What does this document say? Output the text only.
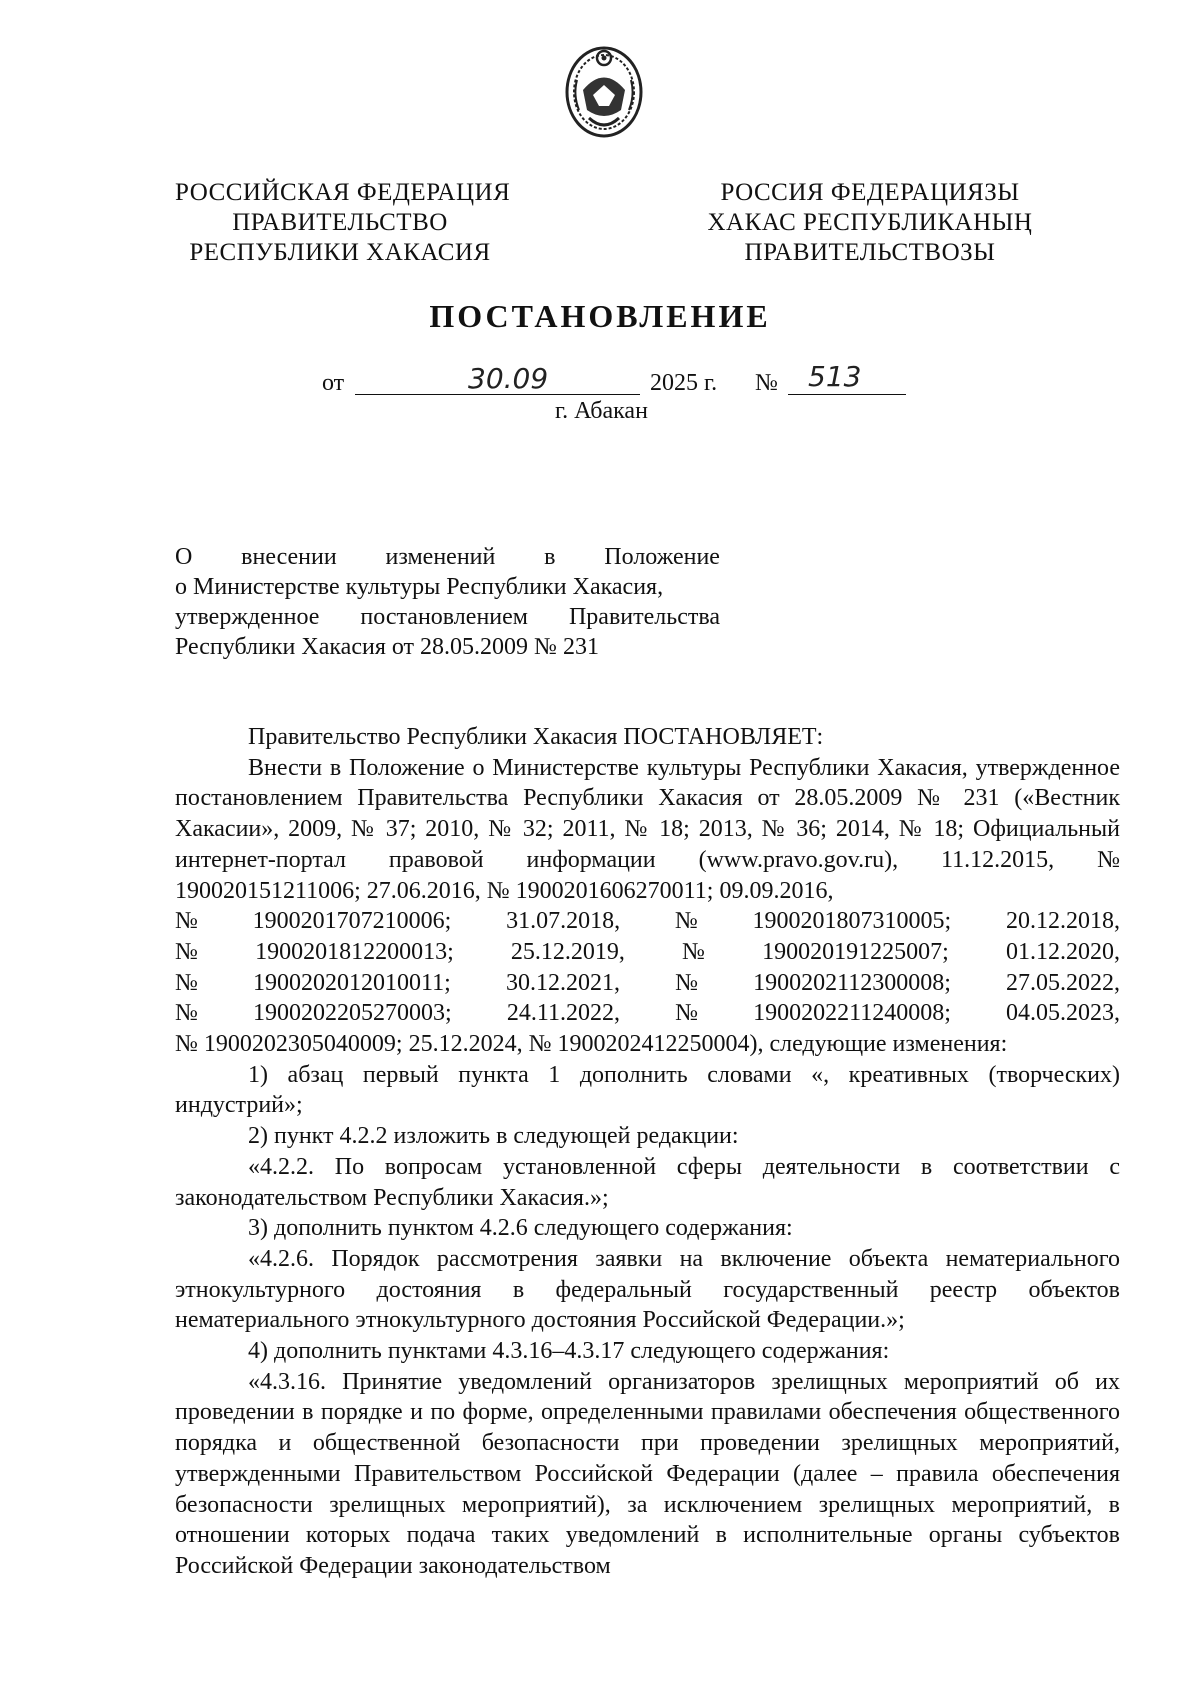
РОССИЙСКАЯ ФЕДЕРАЦИЯ
ПРАВИТЕЛЬСТВО
РЕСПУБЛИКИ ХАКАСИЯ
РОССИЯ ФЕДЕРАЦИЯЗЫ
ХАКАС РЕСПУБЛИКАНЫҢ
ПРАВИТЕЛЬСТВОЗЫ
ПОСТАНОВЛЕНИЕ
от	30.09	2025 г. № 513
г. Абакан
О внесении изменений в Положение
о Министерстве культуры Республики Хакасия,
утвержденное постановлением Правительства
Республики Хакасия от 28.05.2009 № 231
Правительство Республики Хакасия ПОСТАНОВЛЯЕТ:
Внести в Положение о Министерстве культуры Республики Хакасия, утвержденное постановлением Правительства Республики Хакасия от 28.05.2009 № 231 («Вестник Хакасии», 2009, № 37; 2010, № 32; 2011, № 18; 2013, № 36; 2014, № 18; Официальный интернет-портал правовой информации (www.pravo.gov.ru), 11.12.2015, № 190020151211006; 27.06.2016, № 1900201606270011; 09.09.2016,
№ 1900201707210006; 31.07.2018, № 1900201807310005; 20.12.2018,
№ 1900201812200013; 25.12.2019, № 190020191225007; 01.12.2020,
№ 1900202012010011; 30.12.2021, № 1900202112300008; 27.05.2022,
№ 1900202205270003; 24.11.2022, № 1900202211240008; 04.05.2023,
№ 1900202305040009; 25.12.2024, № 1900202412250004), следующие изменения:
1) абзац первый пункта 1 дополнить словами «, креативных (творческих) индустрий»;
2) пункт 4.2.2 изложить в следующей редакции:
«4.2.2. По вопросам установленной сферы деятельности в соответствии с законодательством Республики Хакасия.»;
3) дополнить пунктом 4.2.6 следующего содержания:
«4.2.6. Порядок рассмотрения заявки на включение объекта нематериального этнокультурного достояния в федеральный государственный реестр объектов нематериального этнокультурного достояния Российской Федерации.»;
4) дополнить пунктами 4.3.16–4.3.17 следующего содержания:
«4.3.16. Принятие уведомлений организаторов зрелищных мероприятий об их проведении в порядке и по форме, определенными правилами обеспечения общественного порядка и общественной безопасности при проведении зрелищных мероприятий, утвержденными Правительством Российской Федерации (далее – правила обеспечения безопасности зрелищных мероприятий), за исключением зрелищных мероприятий, в отношении которых подача таких уведомлений в исполнительные органы субъектов Российской Федерации законодательством
